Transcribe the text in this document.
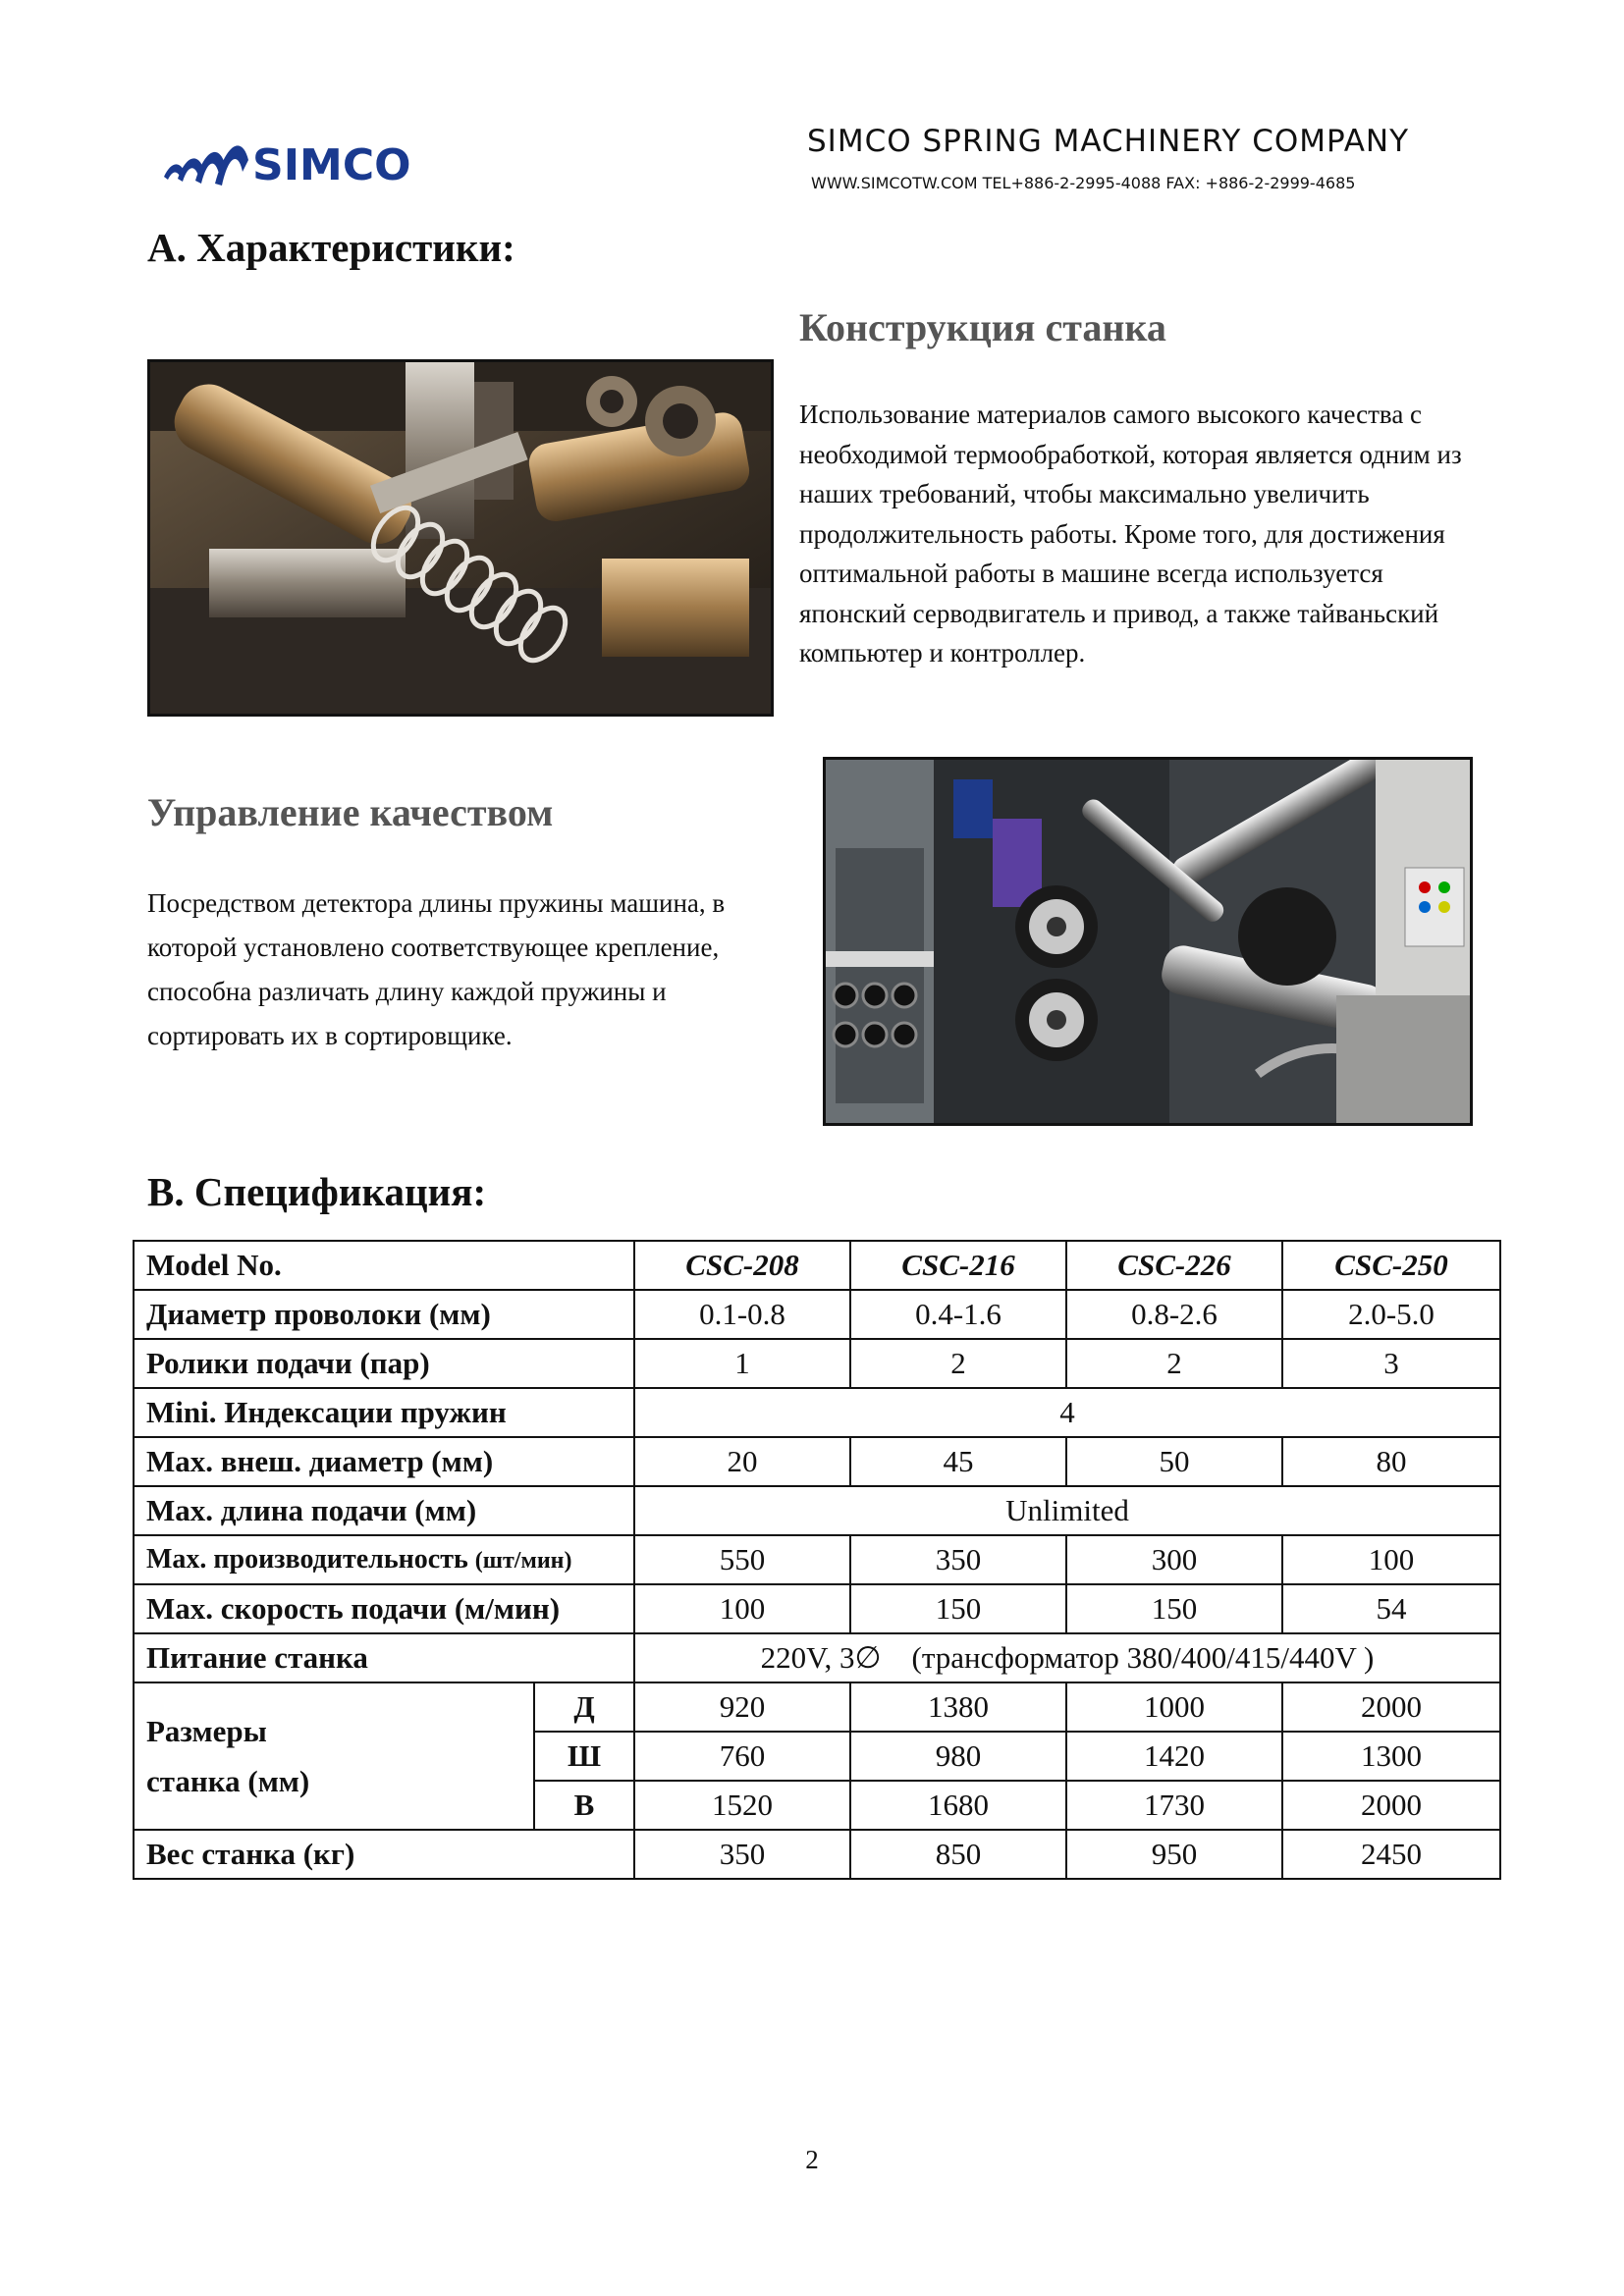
SIMCO	SIMCO SPRING MACHINERY COMPANY
WWW.SIMCOTW.COM TEL+886-2-2995-4088 FAX: +886-2-2999-4685
A. Характеристики:
Конструкция станка

Использование материалов самого высокого качества с необходимой термообработкой, которая является одним из наших требований, чтобы максимально увеличить продолжительность работы. Кроме того, для достижения оптимальной работы в машине всегда используется японский серводвигатель и привод, а также тайваньский компьютер и контроллер.

Управление качеством

Посредством детектора длины пружины машина, в которой установлено соответствующее крепление, способна различать длину каждой пружины и сортировать их в сортировщике.

B. Спецификация:
Model No.		CSC-208	CSC-216	CSC-226	CSC-250
Диаметр проволоки (мм)		0.1-0.8	0.4-1.6	0.8-2.6	2.0-5.0
Ролики подачи (пар)		1	2	2	3
Mini. Индексации пружин		4			
Max. внеш. диаметр (мм)		20	45	50	80
Max. длина подачи (мм)		Unlimited			
Max. производительность (шт/мин)		550	350	300	100
Max. скорость подачи (м/мин)		100	150	150	54
Питание станка		220V, 3∅    (трансформатор 380/400/415/440V )			
Размеры
станка (мм)	Д	920	1380	1000	2000
	Ш	760	980	1420	1300
	В	1520	1680	1730	2000
Вес станка (кг)		350	850	950	2450
2
